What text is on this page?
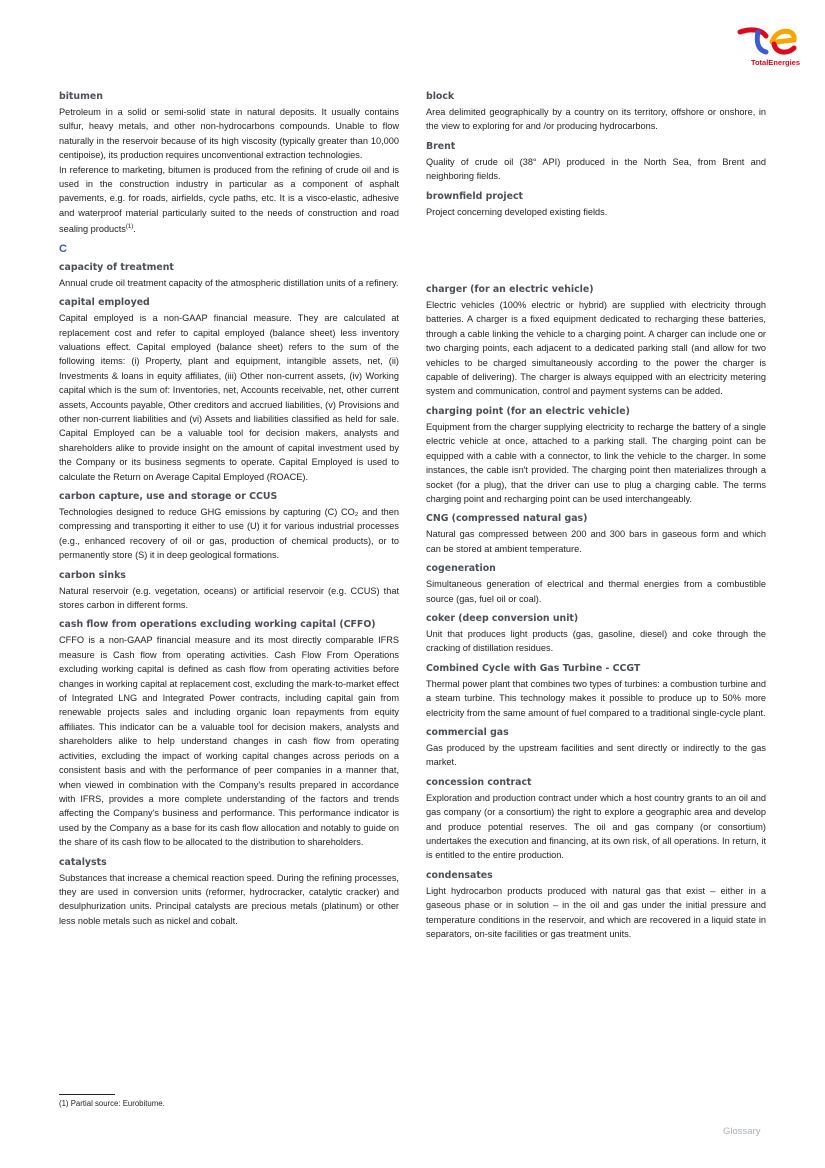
TotalEnergies
bitumen

Petroleum in a solid or semi-solid state in natural deposits. It usually contains sulfur, heavy metals, and other non-hydrocarbons compounds. Unable to flow naturally in the reservoir because of its high viscosity (typically greater than 10,000 centipoise), its production requires unconventional extraction technologies.

In reference to marketing, bitumen is produced from the refining of crude oil and is used in the construction industry in particular as a component of asphalt pavements, e.g. for roads, airfields, cycle paths, etc. It is a visco-elastic, adhesive and waterproof material particularly suited to the needs of construction and road sealing products$^{(1)}$.

C
capacity of treatment

Annual crude oil treatment capacity of the atmospheric distillation units of a refinery.

capital employed

Capital employed is a non-GAAP financial measure. They are calculated at replacement cost and refer to capital employed (balance sheet) less inventory valuations effect. Capital employed (balance sheet) refers to the sum of the following items: (i) Property, plant and equipment, intangible assets, net, (ii) Investments & loans in equity affiliates, (iii) Other non-current assets, (iv) Working capital which is the sum of: Inventories, net, Accounts receivable, net, other current assets, Accounts payable, Other creditors and accrued liabilities, (v) Provisions and other non-current liabilities and (vi) Assets and liabilities classified as held for sale. Capital Employed can be a valuable tool for decision makers, analysts and shareholders alike to provide insight on the amount of capital investment used by the Company or its business segments to operate. Capital Employed is used to calculate the Return on Average Capital Employed (ROACE).

carbon capture, use and storage or CCUS

Technologies designed to reduce GHG emissions by capturing (C) CO₂ and then compressing and transporting it either to use (U) it for various industrial processes (e.g., enhanced recovery of oil or gas, production of chemical products), or to permanently store (S) it in deep geological formations.

carbon sinks

Natural reservoir (e.g. vegetation, oceans) or artificial reservoir (e.g. CCUS) that stores carbon in different forms.

cash flow from operations excluding working capital (CFFO)

CFFO is a non-GAAP financial measure and its most directly comparable IFRS measure is Cash flow from operating activities. Cash Flow From Operations excluding working capital is defined as cash flow from operating activities before changes in working capital at replacement cost, excluding the mark-to-market effect of Integrated LNG and Integrated Power contracts, including capital gain from renewable projects sales and including organic loan repayments from equity affiliates. This indicator can be a valuable tool for decision makers, analysts and shareholders alike to help understand changes in cash flow from operating activities, excluding the impact of working capital changes across periods on a consistent basis and with the performance of peer companies in a manner that, when viewed in combination with the Company's results prepared in accordance with IFRS, provides a more complete understanding of the factors and trends affecting the Company's business and performance. This performance indicator is used by the Company as a base for its cash flow allocation and notably to guide on the share of its cash flow to be allocated to the distribution to shareholders.

catalysts

Substances that increase a chemical reaction speed. During the refining processes, they are used in conversion units (reformer, hydrocracker, catalytic cracker) and desulphurization units. Principal catalysts are precious metals (platinum) or other less noble metals such as nickel and cobalt.

block

Area delimited geographically by a country on its territory, offshore or onshore, in the view to exploring for and /or producing hydrocarbons.

Brent

Quality of crude oil (38° API) produced in the North Sea, from Brent and neighboring fields.

brownfield project

Project concerning developed existing fields.

charger (for an electric vehicle)

Electric vehicles (100% electric or hybrid) are supplied with electricity through batteries. A charger is a fixed equipment dedicated to recharging these batteries, through a cable linking the vehicle to a charging point. A charger can include one or two charging points, each adjacent to a dedicated parking stall (and allow for two vehicles to be charged simultaneously according to the power the charger is capable of delivering). The charger is always equipped with an electricity metering system and communication, control and payment systems can be added.

charging point (for an electric vehicle)

Equipment from the charger supplying electricity to recharge the battery of a single electric vehicle at once, attached to a parking stall. The charging point can be equipped with a cable with a connector, to link the vehicle to the charger. In some instances, the cable isn't provided. The charging point then materializes through a socket (for a plug), that the driver can use to plug a charging cable. The terms charging point and recharging point can be used interchangeably.

CNG (compressed natural gas)

Natural gas compressed between 200 and 300 bars in gaseous form and which can be stored at ambient temperature.

cogeneration

Simultaneous generation of electrical and thermal energies from a combustible source (gas, fuel oil or coal).

coker (deep conversion unit)

Unit that produces light products (gas, gasoline, diesel) and coke through the cracking of distillation residues.

Combined Cycle with Gas Turbine - CCGT

Thermal power plant that combines two types of turbines: a combustion turbine and a steam turbine. This technology makes it possible to produce up to 50% more electricity from the same amount of fuel compared to a traditional single-cycle plant.

commercial gas

Gas produced by the upstream facilities and sent directly or indirectly to the gas market.

concession contract

Exploration and production contract under which a host country grants to an oil and gas company (or a consortium) the right to explore a geographic area and develop and produce potential reserves. The oil and gas company (or consortium) undertakes the execution and financing, at its own risk, of all operations. In return, it is entitled to the entire production.

condensates

Light hydrocarbon products produced with natural gas that exist – either in a gaseous phase or in solution – in the oil and gas under the initial pressure and temperature conditions in the reservoir, and which are recovered in a liquid state in separators, on-site facilities or gas treatment units.

(1) Partial source: Eurobitume.
Glossary
